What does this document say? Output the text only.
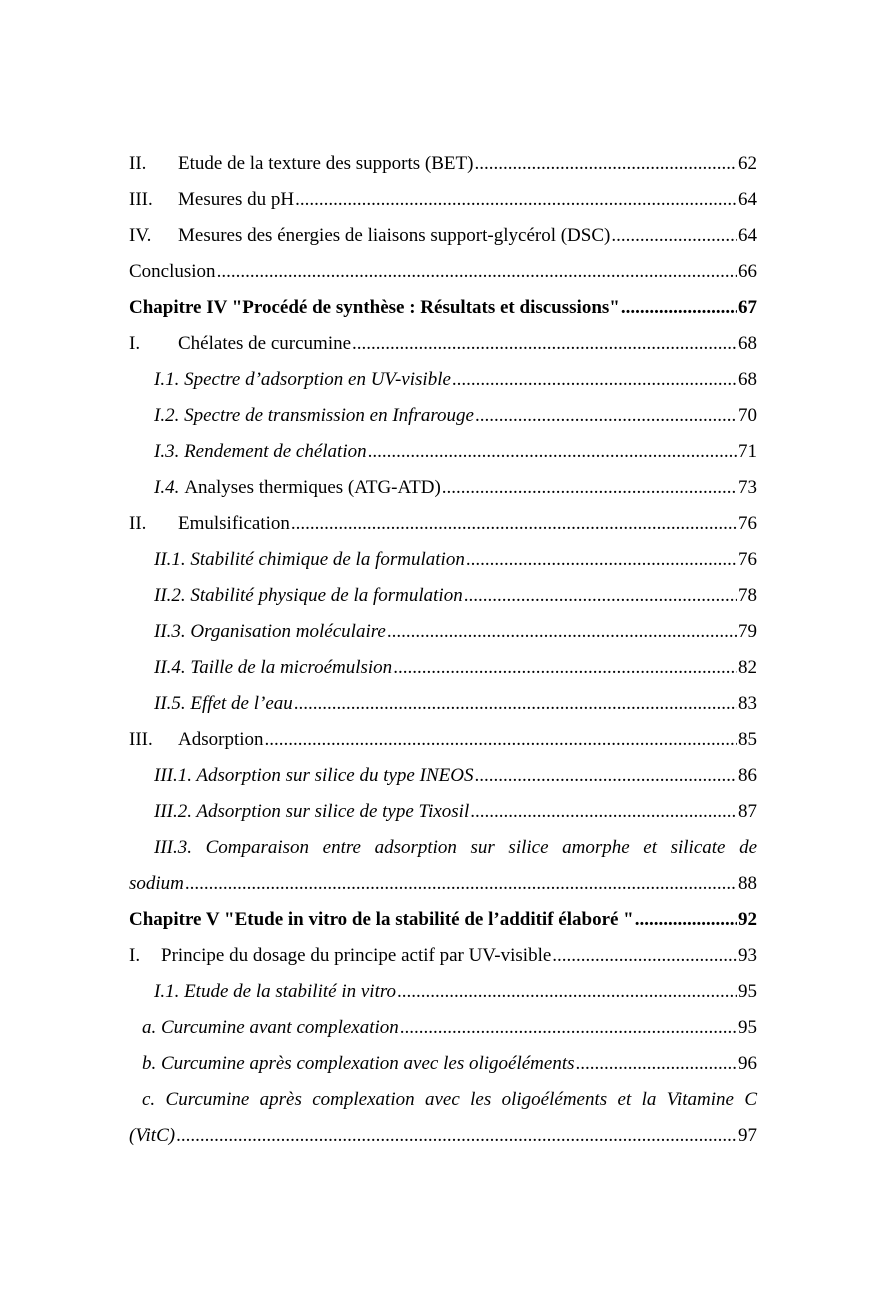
II.	Etude de la texture des supports (BET) .....	62
III.	Mesures du pH .....	64
IV.	Mesures des énergies de liaisons support-glycérol (DSC) .....	64
Conclusion .....	66
Chapitre IV "Procédé de synthèse : Résultats et discussions" .....	67
I.	Chélates de curcumine .....	68
I.1. Spectre d’adsorption en UV-visible .....	68
I.2. Spectre de transmission en Infrarouge .....	70
I.3. Rendement de chélation .....	71
I.4. Analyses thermiques (ATG-ATD) .....	73
II.	Emulsification .....	76
II.1. Stabilité chimique de la formulation .....	76
II.2. Stabilité physique de la formulation .....	78
II.3. Organisation moléculaire .....	79
II.4. Taille de la microémulsion .....	82
II.5. Effet de l’eau .....	83
III.	Adsorption .....	85
III.1. Adsorption sur silice du type INEOS .....	86
III.2. Adsorption sur silice de type Tixosil .....	87
III.3. Comparaison entre adsorption sur silice amorphe et silicate de
sodium .....	88
Chapitre V "Etude in vitro de la stabilité de l’additif élaboré " .....	92
I.	Principe du dosage du principe actif par UV-visible .....	93
I.1. Etude de la stabilité in vitro .....	95
a. Curcumine avant complexation .....	95
b. Curcumine après complexation avec les oligoéléments .....	96
c. Curcumine après complexation avec les oligoéléments et la Vitamine C
(VitC) .....	97
